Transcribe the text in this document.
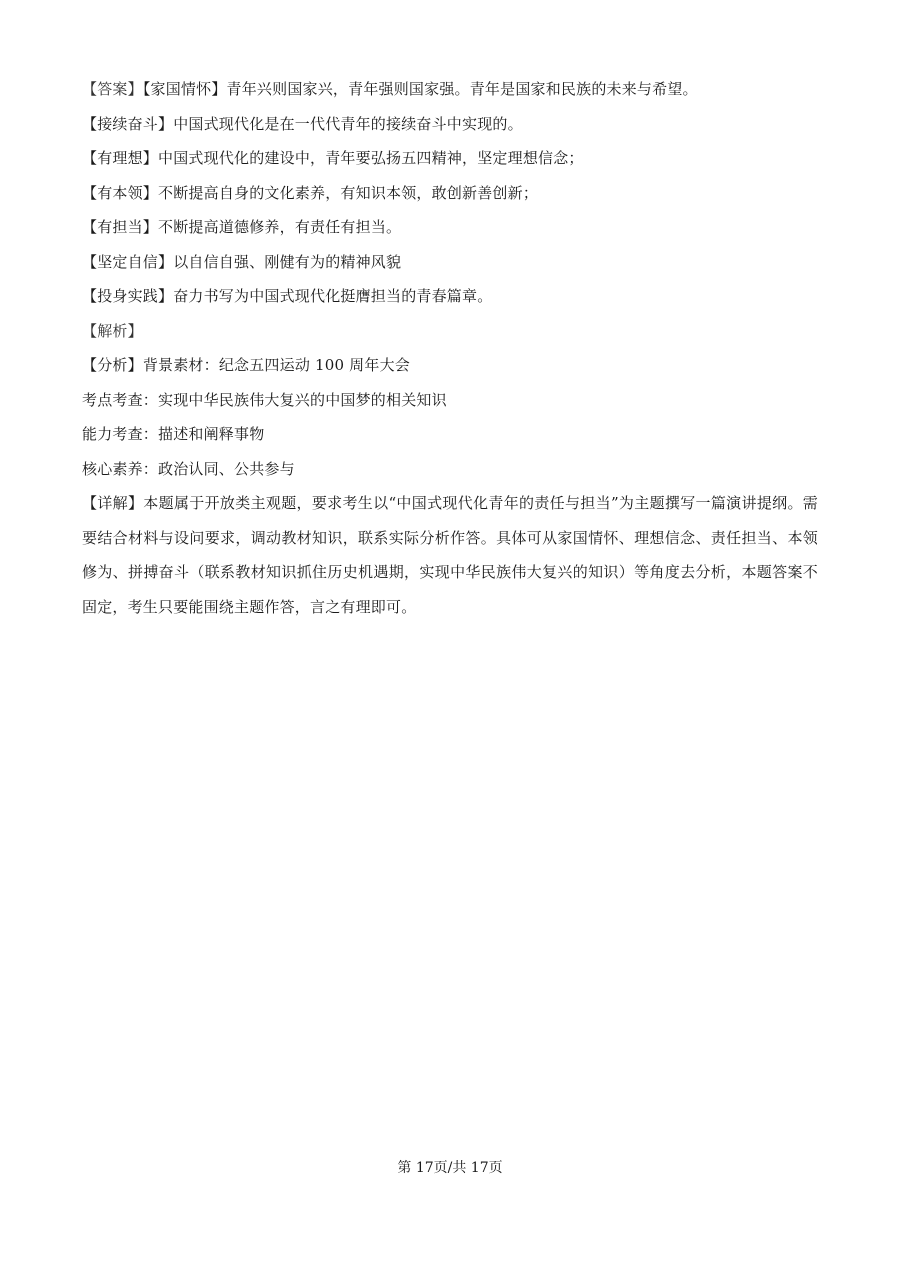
【答案】【家国情怀】青年兴则国家兴，青年强则国家强。青年是国家和民族的未来与希望。
【接续奋斗】中国式现代化是在一代代青年的接续奋斗中实现的。
【有理想】中国式现代化的建设中，青年要弘扬五四精神，坚定理想信念；
【有本领】不断提高自身的文化素养，有知识本领，敢创新善创新；
【有担当】不断提高道德修养，有责任有担当。
【坚定自信】以自信自强、刚健有为的精神风貌
【投身实践】奋力书写为中国式现代化挺膺担当的青春篇章。
【解析】
【分析】背景素材：纪念五四运动 100 周年大会
考点考查：实现中华民族伟大复兴的中国梦的相关知识
能力考查：描述和阐释事物
核心素养：政治认同、公共参与
【详解】本题属于开放类主观题，要求考生以“中国式现代化青年的责任与担当”为主题撰写一篇演讲提纲。需要结合材料与设问要求，调动教材知识，联系实际分析作答。具体可从家国情怀、理想信念、责任担当、本领修为、拼搏奋斗（联系教材知识抓住历史机遇期，实现中华民族伟大复兴的知识）等角度去分析，本题答案不固定，考生只要能围绕主题作答，言之有理即可。
第 17页/共 17页
